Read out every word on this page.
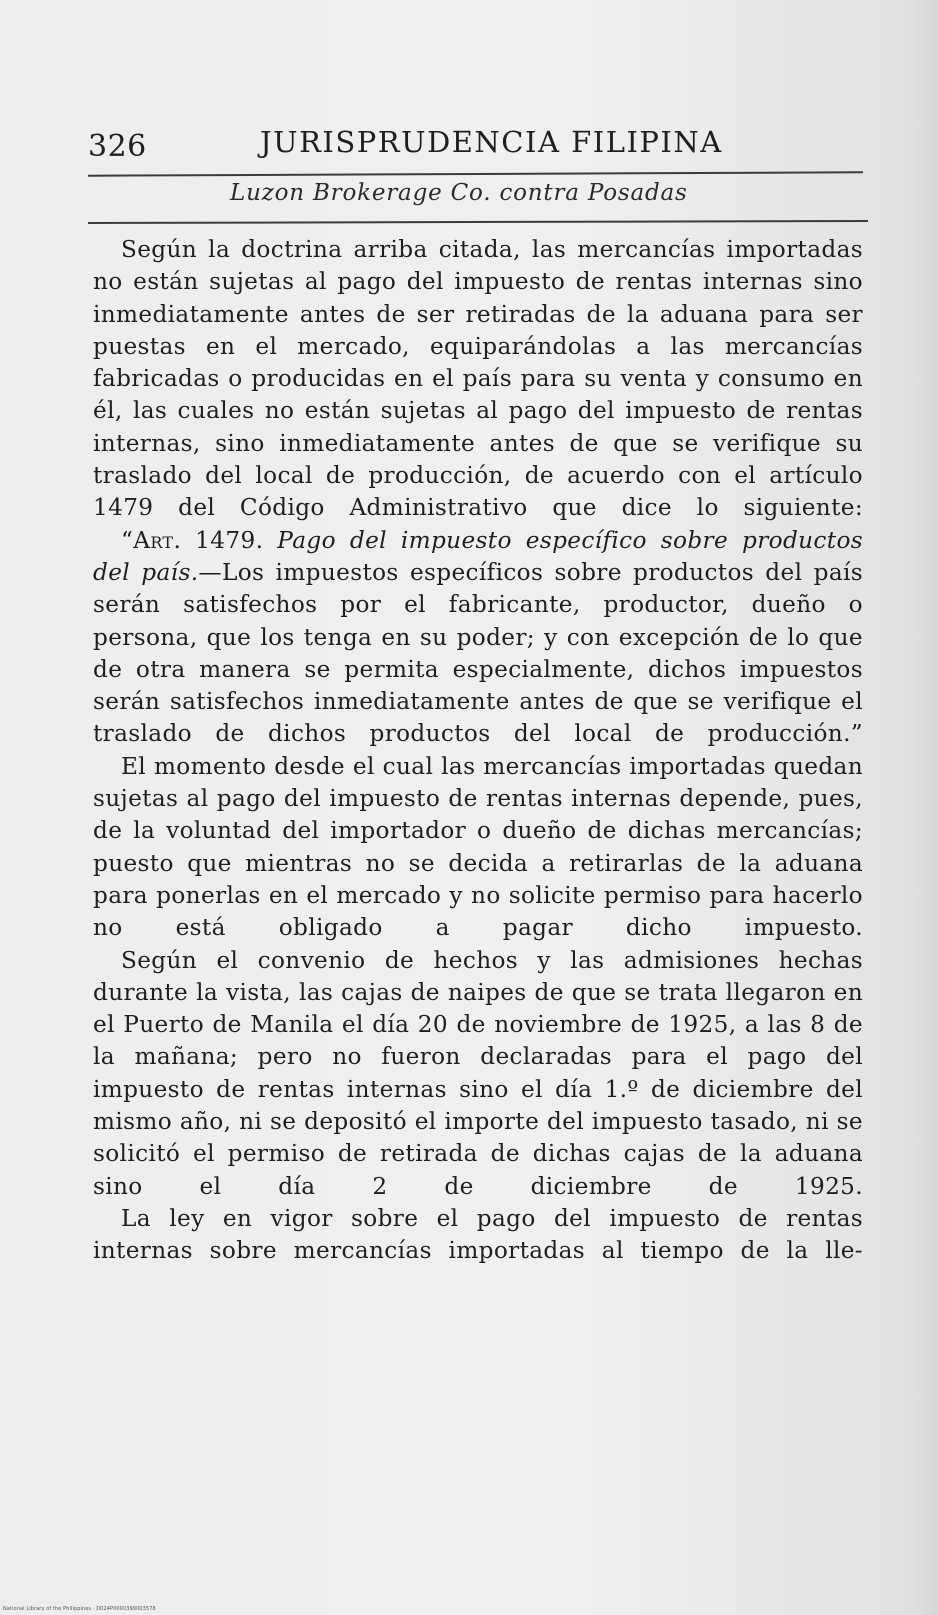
326	JURISPRUDENCIA FILIPINA
Luzon Brokerage Co. contra Posadas

Según la doctrina arriba citada, las mercancías importadas no están sujetas al pago del impuesto de rentas internas sino inmediatamente antes de ser retiradas de la aduana para ser puestas en el mercado, equiparándolas a las mercancías fabricadas o producidas en el país para su venta y consumo en él, las cuales no están sujetas al pago del impuesto de rentas internas, sino inmediatamente antes de que se verifique su traslado del local de producción, de acuerdo con el artículo 1479 del Código Administrativo que dice lo siguiente:

“Art. 1479. Pago del impuesto específico sobre productos del país.—Los impuestos específicos sobre productos del país serán satisfechos por el fabricante, productor, dueño o persona, que los tenga en su poder; y con excepción de lo que de otra manera se permita especialmente, dichos impuestos serán satisfechos inmediatamente antes de que se verifique el traslado de dichos productos del local de producción.”

El momento desde el cual las mercancías importadas quedan sujetas al pago del impuesto de rentas internas depende, pues, de la voluntad del importador o dueño de dichas mercancías; puesto que mientras no se decida a retirarlas de la aduana para ponerlas en el mercado y no solicite permiso para hacerlo no está obligado a pagar dicho impuesto.

Según el convenio de hechos y las admisiones hechas durante la vista, las cajas de naipes de que se trata llegaron en el Puerto de Manila el día 20 de noviembre de 1925, a las 8 de la mañana; pero no fueron declaradas para el pago del impuesto de rentas internas sino el día 1.º de diciembre del mismo año, ni se depositó el importe del impuesto tasado, ni se solicitó el permiso de retirada de dichas cajas de la aduana sino el día 2 de diciembre de 1925.

La ley en vigor sobre el pago del impuesto de rentas internas sobre mercancías importadas al tiempo de la lle-

National Library of the Philippines · D024P0000399003578
